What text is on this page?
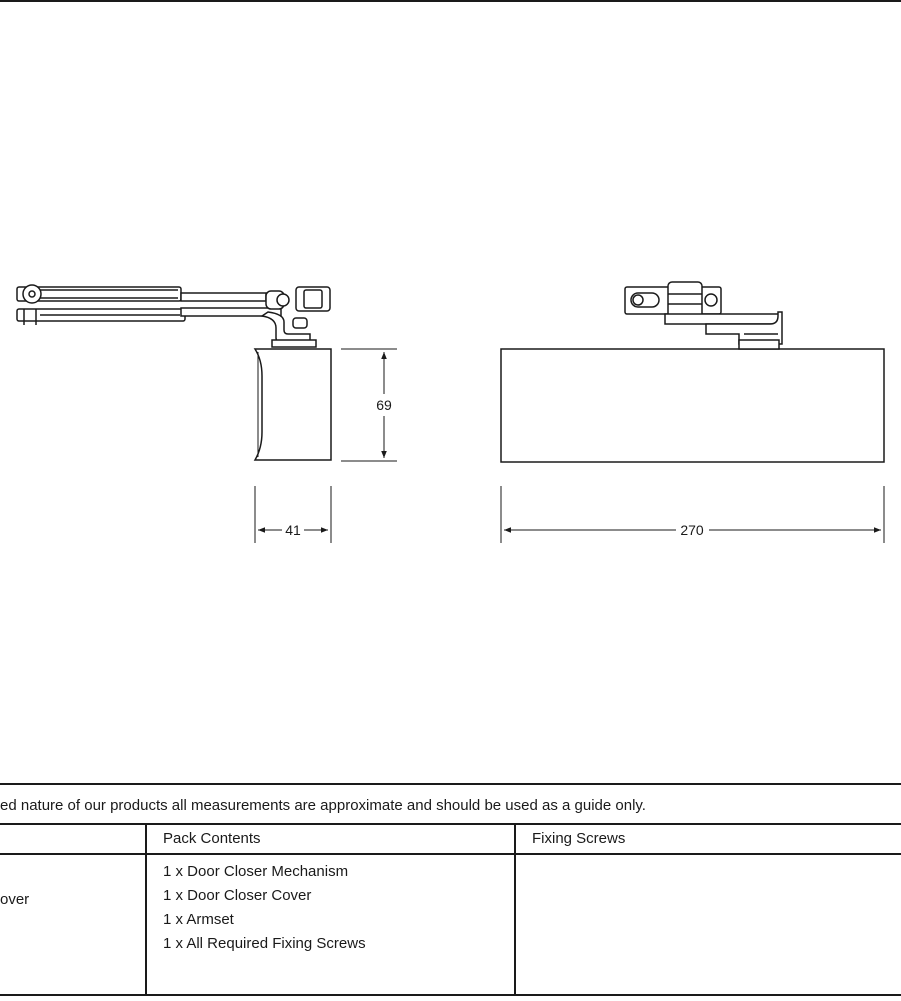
69
41	270
ed nature of our products all measurements are approximate and should be used as a guide only.
Pack Contents	Fixing Screws
over
1 x Door Closer Mechanism
1 x Door Closer Cover
1 x Armset
1 x All Required Fixing Screws
